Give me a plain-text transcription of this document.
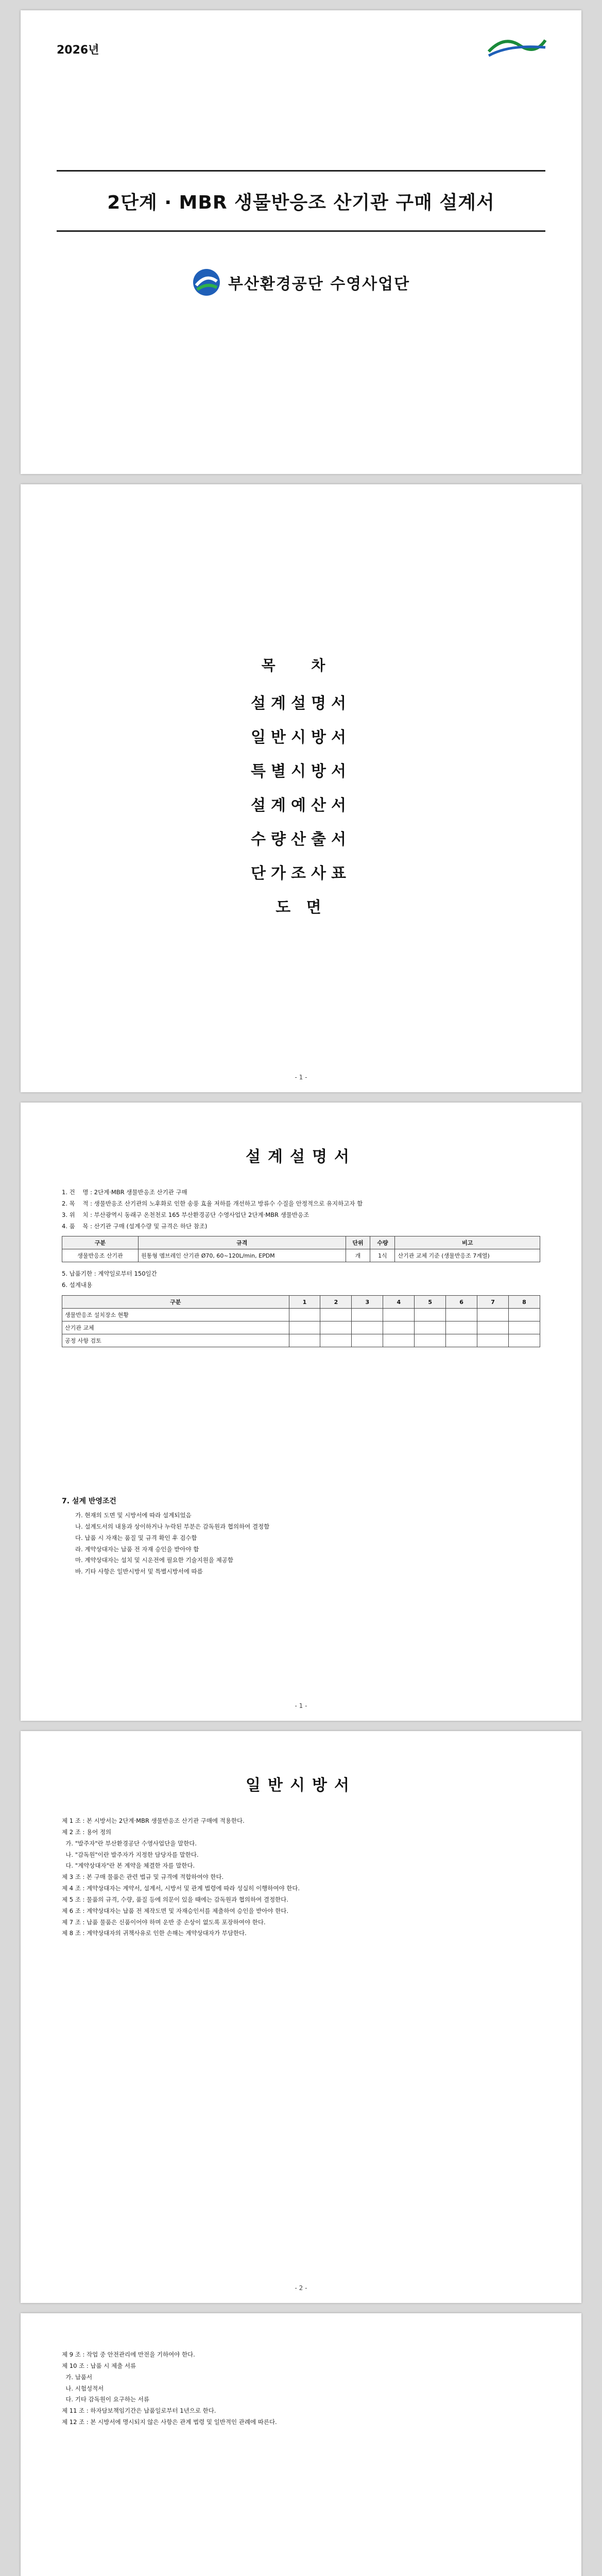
2026년
2단계 · MBR 생물반응조 산기관 구매 설계서
부산환경공단 수영사업단
목 차
설계설명서
일반시방서
특별시방서
설계예산서
수량산출서
단가조사표
도 면
- 1 -
설계설명서
1. 건    명 : 2단계·MBR 생물반응조 산기관 구매
2. 목    적 : 생물반응조 산기관의 노후화로 인한 송풍 효율 저하를 개선하고 방류수 수질을 안정적으로 유지하고자 함
3. 위    치 : 부산광역시 동래구 온천천로 165 부산환경공단 수영사업단 2단계·MBR 생물반응조
4. 품    목 : 산기관 구매 (설계수량 및 규격은 하단 참조)
구분	규격	단위	수량	비고
생물반응조 산기관	원통형 멤브레인 산기관 Ø70, 60~120L/min, EPDM	개	1식	산기관 교체 기준 (생물반응조 7계열)
5. 납품기한 : 계약일로부터 150일간
6. 설계내용
구분	1	2	3	4	5	6	7	8
생물반응조 설치장소 현황								
산기관 교체								
공정 사항 검토								
7. 설계 반영조건
가. 현재의 도면 및 시방서에 따라 설계되었음
나. 설계도서의 내용과 상이하거나 누락된 부분은 감독원과 협의하여 결정함
다. 납품 시 자재는 품질 및 규격 확인 후 검수함
라. 계약상대자는 납품 전 자재 승인을 받아야 함
마. 계약상대자는 설치 및 시운전에 필요한 기술지원을 제공함
바. 기타 사항은 일반시방서 및 특별시방서에 따름
- 1 -
일반시방서
제 1 조 : 본 시방서는 2단계·MBR 생물반응조 산기관 구매에 적용한다.
제 2 조 : 용어 정의
가. "발주자"란 부산환경공단 수영사업단을 말한다.
나. "감독원"이란 발주자가 지정한 담당자를 말한다.
다. "계약상대자"란 본 계약을 체결한 자를 말한다.
제 3 조 : 본 구매 물품은 관련 법규 및 규격에 적합하여야 한다.
제 4 조 : 계약상대자는 계약서, 설계서, 시방서 및 관계 법령에 따라 성실히 이행하여야 한다.
제 5 조 : 물품의 규격, 수량, 품질 등에 의문이 있을 때에는 감독원과 협의하여 결정한다.
제 6 조 : 계약상대자는 납품 전 제작도면 및 자재승인서를 제출하여 승인을 받아야 한다.
제 7 조 : 납품 물품은 신품이어야 하며 운반 중 손상이 없도록 포장하여야 한다.
제 8 조 : 계약상대자의 귀책사유로 인한 손해는 계약상대자가 부담한다.
- 2 -
제 9 조 : 작업 중 안전관리에 만전을 기하여야 한다.
제 10 조 : 납품 시 제출 서류
가. 납품서
나. 시험성적서
다. 기타 감독원이 요구하는 서류
제 11 조 : 하자담보책임기간은 납품일로부터 1년으로 한다.
제 12 조 : 본 시방서에 명시되지 않은 사항은 관계 법령 및 일반적인 관례에 따른다.
